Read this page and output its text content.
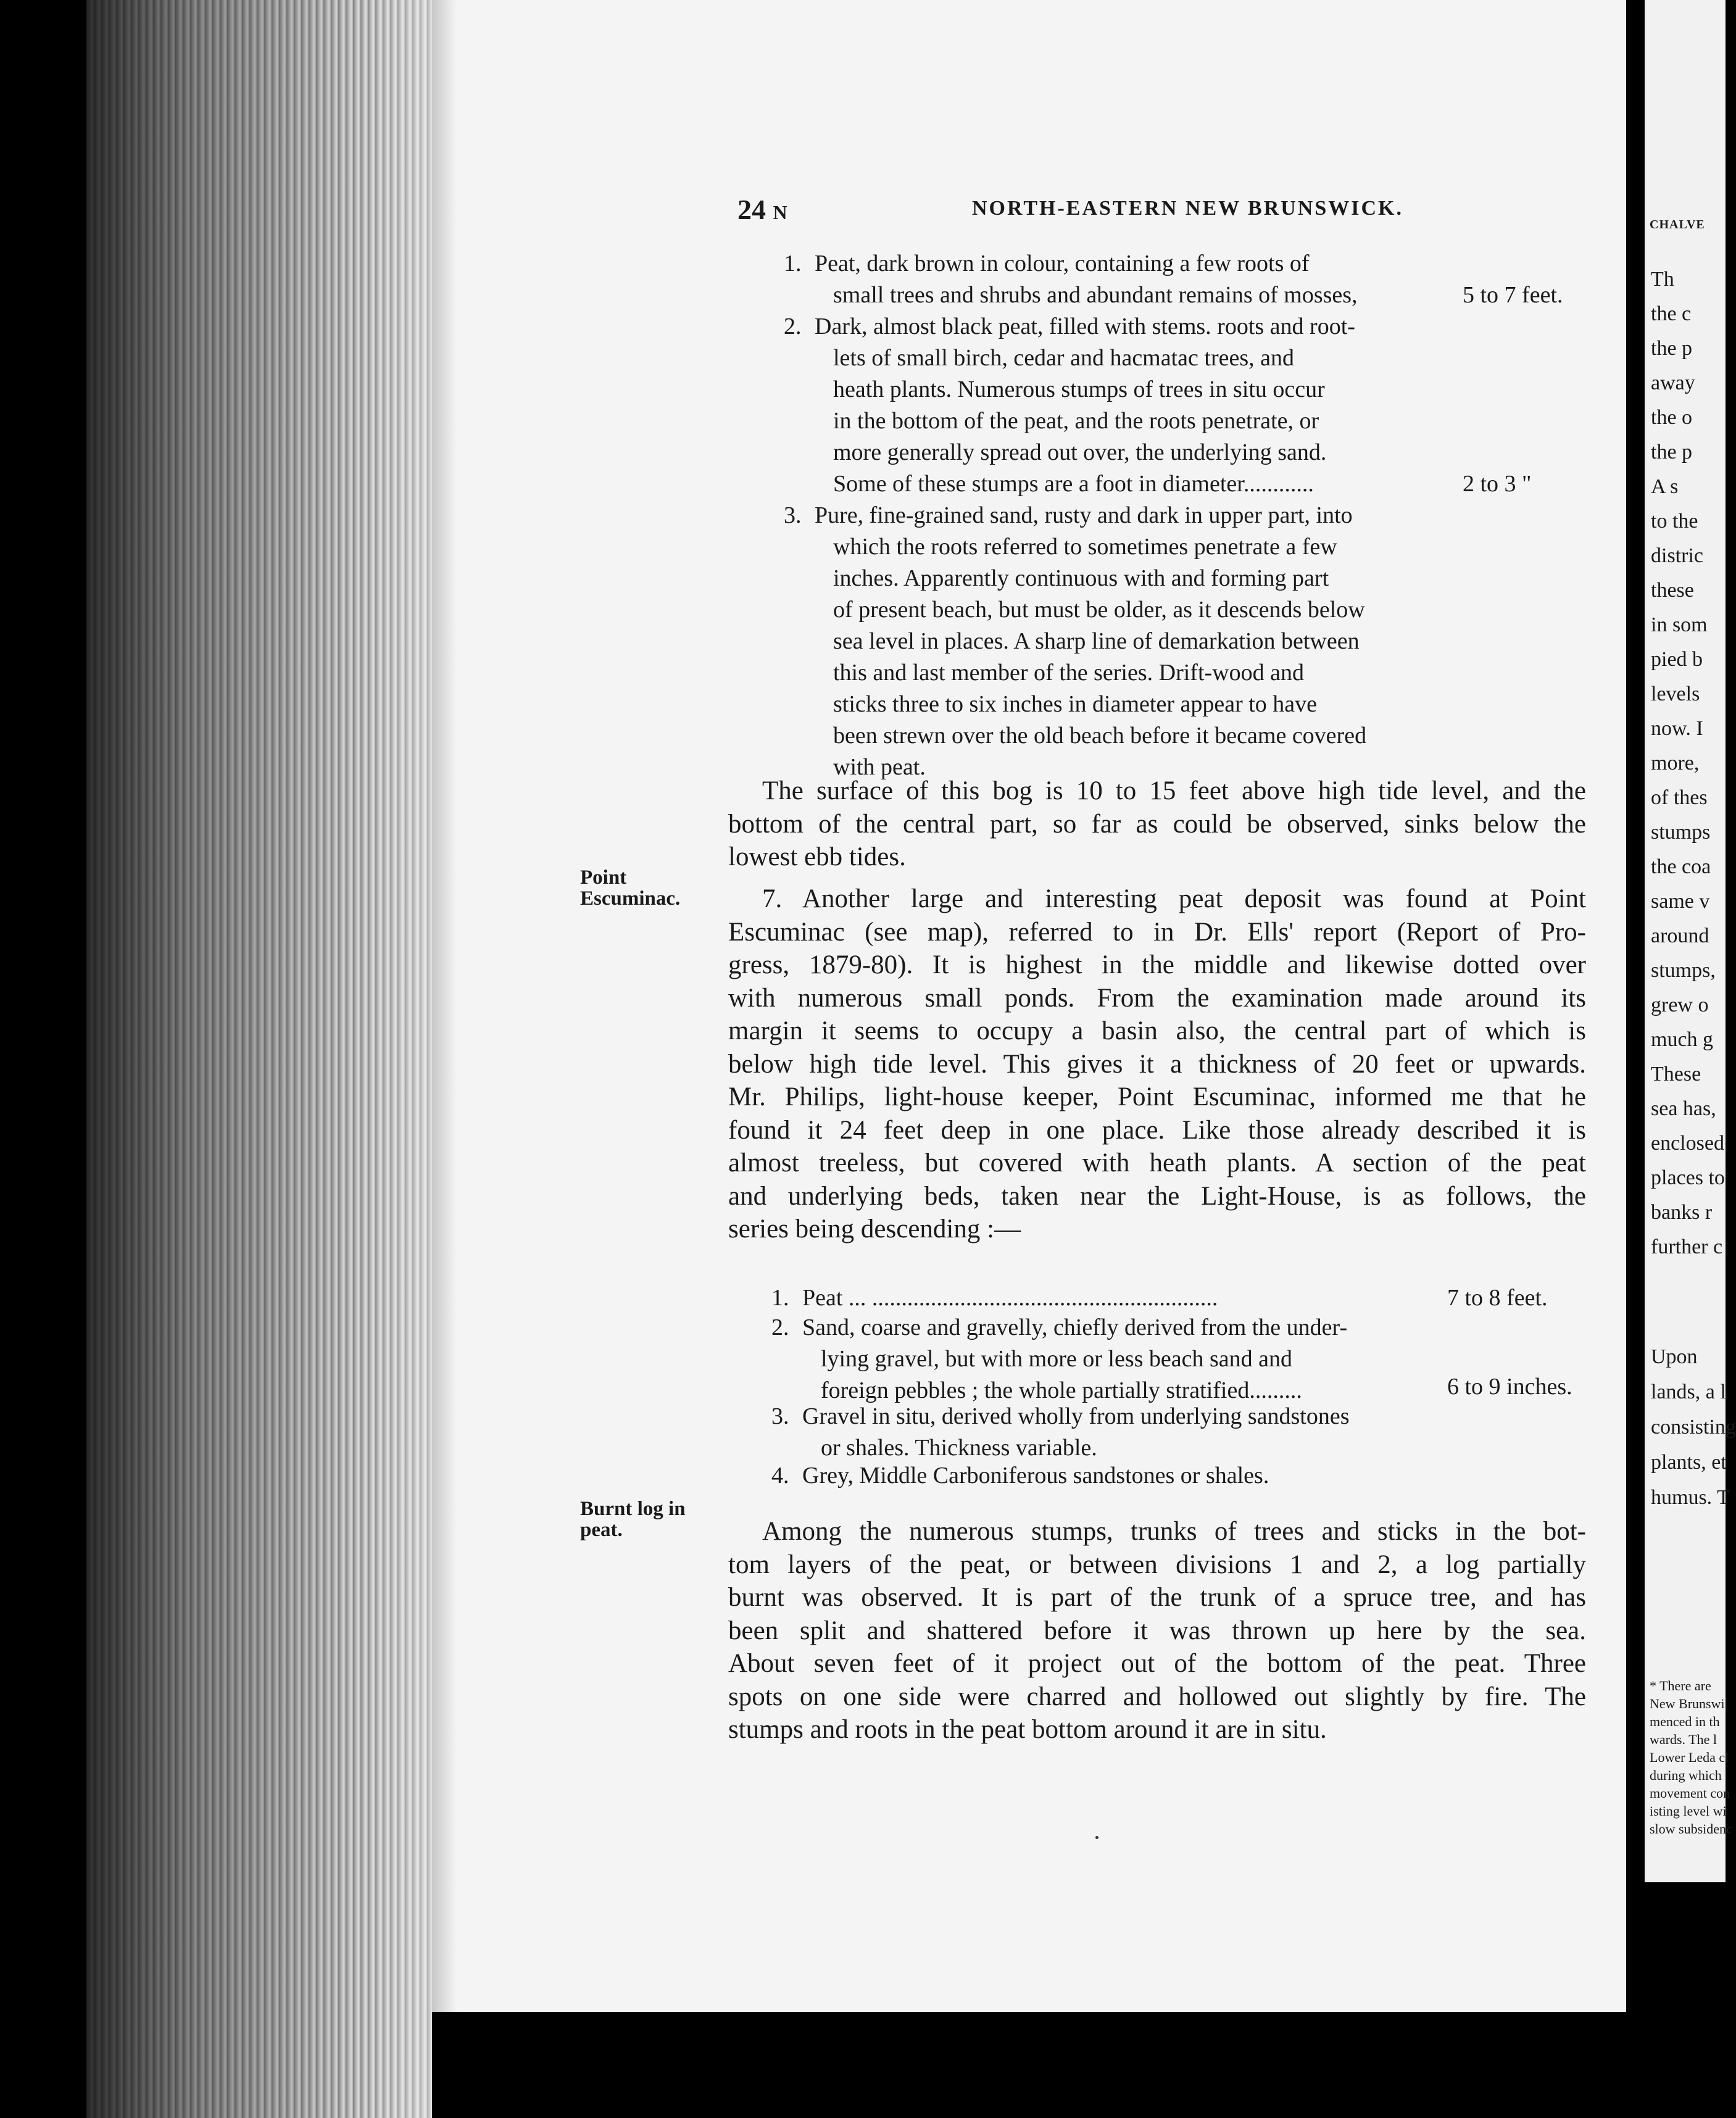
CHALVE
Th
the c
the p
away
the o
the p
A s
to the
distric
these
in som
pied b
levels
now. I
more,
of thes
stumps
the coa
same v
around
stumps,
grew o
much g
These
sea has,
enclosed
places to
banks r
further c
Upon
lands, a l
consisting
plants, et
humus. T
* There are
New Brunswi
menced in th
wards. The l
Lower Leda cl
during which
movement con
isting level wi
slow subsidenc
24 N	NORTH-EASTERN NEW BRUNSWICK.
1. Peat, dark brown in colour, containing a few roots of
small trees and shrubs and abundant remains of mosses,	5 to 7 feet.
2. Dark, almost black peat, filled with stems. roots and root-
lets of small birch, cedar and hacmatac trees, and
heath plants. Numerous stumps of trees in situ occur
in the bottom of the peat, and the roots penetrate, or
more generally spread out over, the underlying sand.
Some of these stumps are a foot in diameter............	2 to 3 "
3. Pure, fine-grained sand, rusty and dark in upper part, into
which the roots referred to sometimes penetrate a few
inches. Apparently continuous with and forming part
of present beach, but must be older, as it descends below
sea level in places. A sharp line of demarkation between
this and last member of the series. Drift-wood and
sticks three to six inches in diameter appear to have
been strewn over the old beach before it became covered
with peat.
The surface of this bog is 10 to 15 feet above high tide level, and the
bottom of the central part, so far as could be observed, sinks below the
lowest ebb tides.
Point
Escuminac.	7. Another large and interesting peat deposit was found at Point
Escuminac (see map), referred to in Dr. Ells' report (Report of Pro-
gress, 1879-80). It is highest in the middle and likewise dotted over
with numerous small ponds. From the examination made around its
margin it seems to occupy a basin also, the central part of which is
below high tide level. This gives it a thickness of 20 feet or upwards.
Mr. Philips, light-house keeper, Point Escuminac, informed me that he
found it 24 feet deep in one place. Like those already described it is
almost treeless, but covered with heath plants. A section of the peat
and underlying beds, taken near the Light-House, is as follows, the
series being descending :—
1. Peat ... ...........................................................	7 to 8 feet.
2. Sand, coarse and gravelly, chiefly derived from the under-
lying gravel, but with more or less beach sand and
foreign pebbles ; the whole partially stratified.........	6 to 9 inches.
3. Gravel in situ, derived wholly from underlying sandstones
or shales. Thickness variable.
4. Grey, Middle Carboniferous sandstones or shales.
Burnt log in
peat.	Among the numerous stumps, trunks of trees and sticks in the bot-
tom layers of the peat, or between divisions 1 and 2, a log partially
burnt was observed. It is part of the trunk of a spruce tree, and has
been split and shattered before it was thrown up here by the sea.
About seven feet of it project out of the bottom of the peat. Three
spots on one side were charred and hollowed out slightly by fire. The
stumps and roots in the peat bottom around it are in situ.
